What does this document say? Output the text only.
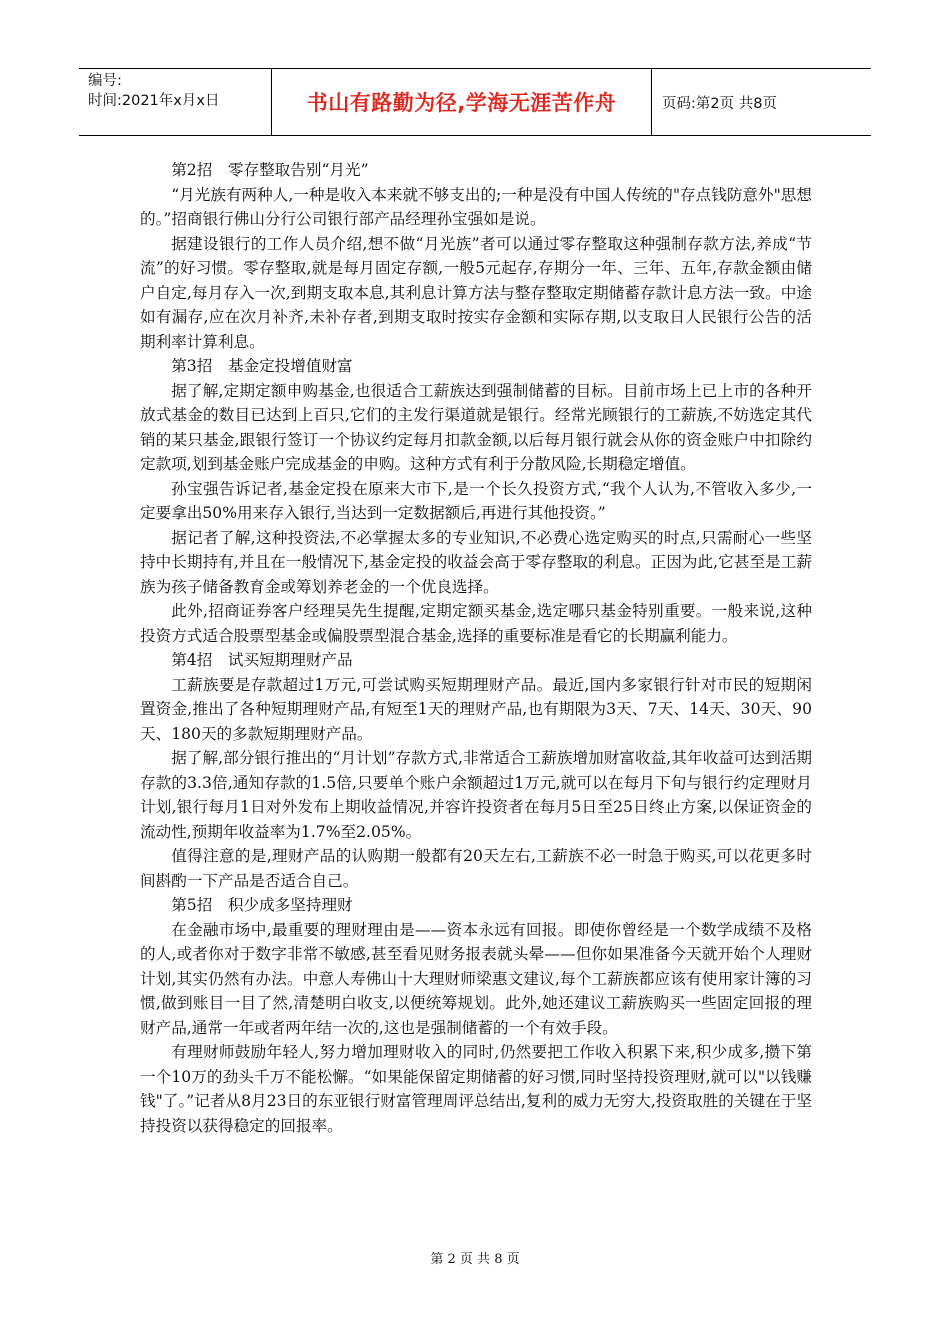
编号:
时间:2021年x月x日	书山有路勤为径,学海无涯苦作舟	页码:第2页 共8页

第2招　零存整取告别“月光”

“月光族有两种人,一种是收入本来就不够支出的;一种是没有中国人传统的"存点钱防意外"思想的。”招商银行佛山分行公司银行部产品经理孙宝强如是说。

据建设银行的工作人员介绍,想不做“月光族”者可以通过零存整取这种强制存款方法,养成“节流”的好习惯。零存整取,就是每月固定存额,一般5元起存,存期分一年、三年、五年,存款金额由储户自定,每月存入一次,到期支取本息,其利息计算方法与整存整取定期储蓄存款计息方法一致。中途如有漏存,应在次月补齐,未补存者,到期支取时按实存金额和实际存期,以支取日人民银行公告的活期利率计算利息。

第3招　基金定投增值财富

据了解,定期定额申购基金,也很适合工薪族达到强制储蓄的目标。目前市场上已上市的各种开放式基金的数目已达到上百只,它们的主发行渠道就是银行。经常光顾银行的工薪族,不妨选定其代销的某只基金,跟银行签订一个协议约定每月扣款金额,以后每月银行就会从你的资金账户中扣除约定款项,划到基金账户完成基金的申购。这种方式有利于分散风险,长期稳定增值。

孙宝强告诉记者,基金定投在原来大市下,是一个长久投资方式,“我个人认为,不管收入多少,一定要拿出50%用来存入银行,当达到一定数据额后,再进行其他投资。”

据记者了解,这种投资法,不必掌握太多的专业知识,不必费心选定购买的时点,只需耐心一些坚持中长期持有,并且在一般情况下,基金定投的收益会高于零存整取的利息。正因为此,它甚至是工薪族为孩子储备教育金或筹划养老金的一个优良选择。

此外,招商证券客户经理吴先生提醒,定期定额买基金,选定哪只基金特别重要。一般来说,这种投资方式适合股票型基金或偏股票型混合基金,选择的重要标准是看它的长期赢利能力。

第4招　试买短期理财产品

工薪族要是存款超过1万元,可尝试购买短期理财产品。最近,国内多家银行针对市民的短期闲置资金,推出了各种短期理财产品,有短至1天的理财产品,也有期限为3天、7天、14天、30天、90天、180天的多款短期理财产品。

据了解,部分银行推出的“月计划”存款方式,非常适合工薪族增加财富收益,其年收益可达到活期存款的3.3倍,通知存款的1.5倍,只要单个账户余额超过1万元,就可以在每月下旬与银行约定理财月计划,银行每月1日对外发布上期收益情况,并容许投资者在每月5日至25日终止方案,以保证资金的流动性,预期年收益率为1.7%至2.05%。

值得注意的是,理财产品的认购期一般都有20天左右,工薪族不必一时急于购买,可以花更多时间斟酌一下产品是否适合自己。

第5招　积少成多坚持理财

在金融市场中,最重要的理财理由是——资本永远有回报。即使你曾经是一个数学成绩不及格的人,或者你对于数字非常不敏感,甚至看见财务报表就头晕——但你如果准备今天就开始个人理财计划,其实仍然有办法。中意人寿佛山十大理财师梁惠文建议,每个工薪族都应该有使用家计簿的习惯,做到账目一目了然,清楚明白收支,以便统筹规划。此外,她还建议工薪族购买一些固定回报的理财产品,通常一年或者两年结一次的,这也是强制储蓄的一个有效手段。

有理财师鼓励年轻人,努力增加理财收入的同时,仍然要把工作收入积累下来,积少成多,攒下第一个10万的劲头千万不能松懈。“如果能保留定期储蓄的好习惯,同时坚持投资理财,就可以"以钱赚钱"了。”记者从8月23日的东亚银行财富管理周评总结出,复利的威力无穷大,投资取胜的关键在于坚持投资以获得稳定的回报率。

第 2 页 共 8 页
